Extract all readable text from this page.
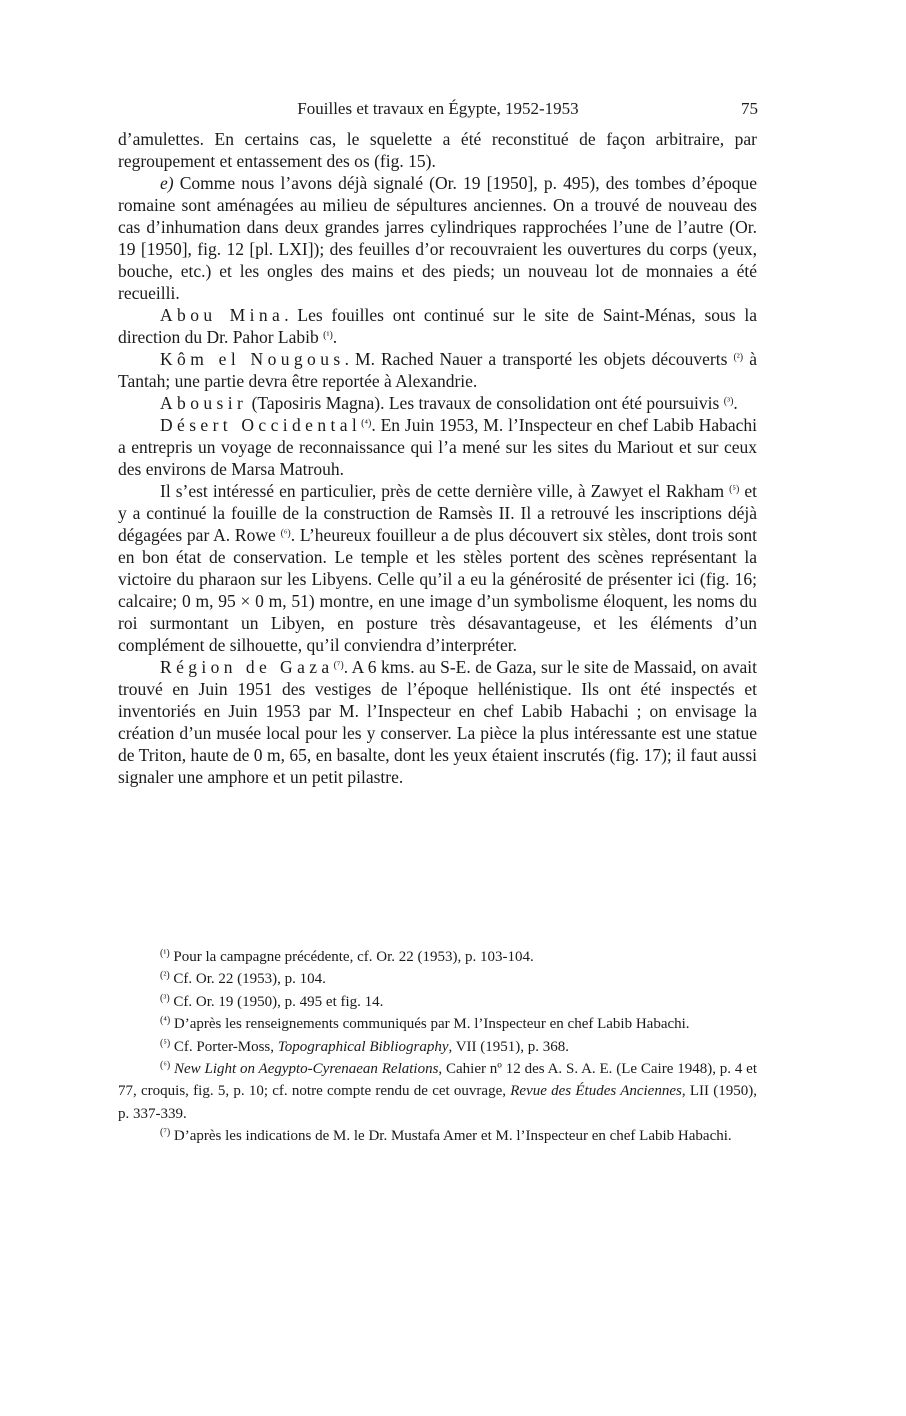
Fouilles et travaux en Égypte, 1952-1953	75

d’amulettes. En certains cas, le squelette a été reconstitué de façon arbitraire, par regroupement et entassement des os (fig. 15).

e) Comme nous l’avons déjà signalé (Or. 19 [1950], p. 495), des tombes d’époque romaine sont aménagées au milieu de sépultures anciennes. On a trouvé de nouveau des cas d’inhumation dans deux grandes jarres cylindriques rapprochées l’une de l’autre (Or. 19 [1950], fig. 12 [pl. LXI]); des feuilles d’or recouvraient les ouvertures du corps (yeux, bouche, etc.) et les ongles des mains et des pieds; un nouveau lot de monnaies a été recueilli.

Abou Mina. Les fouilles ont continué sur le site de Saint-Ménas, sous la direction du Dr. Pahor Labib $^{(^1)}$.

Kôm el Nougous. M. Rached Nauer a transporté les objets découverts $^{(^2)}$ à Tantah; une partie devra être reportée à Alexandrie.

Abousir (Taposiris Magna). Les travaux de consolidation ont été poursuivis $^{(^3)}$.

Désert Occidental$^{(^4)}$. En Juin 1953, M. l’Inspecteur en chef Labib Habachi a entrepris un voyage de reconnaissance qui l’a mené sur les sites du Mariout et sur ceux des environs de Marsa Matrouh.

Il s’est intéressé en particulier, près de cette dernière ville, à Zawyet el Rakham $^{(^5)}$ et y a continué la fouille de la construction de Ramsès II. Il a retrouvé les inscriptions déjà dégagées par A. Rowe $^{(^6)}$. L’heureux fouilleur a de plus découvert six stèles, dont trois sont en bon état de conservation. Le temple et les stèles portent des scènes représentant la victoire du pharaon sur les Libyens. Celle qu’il a eu la générosité de présenter ici (fig. 16; calcaire; 0 m, 95 × 0 m, 51) montre, en une image d’un symbolisme éloquent, les noms du roi surmontant un Libyen, en posture très désavantageuse, et les éléments d’un complément de silhouette, qu’il conviendra d’interpréter.

Région de Gaza$^{(^7)}$. A 6 kms. au S-E. de Gaza, sur le site de Massaid, on avait trouvé en Juin 1951 des vestiges de l’époque hellénistique. Ils ont été inspectés et inventoriés en Juin 1953 par M. l’Inspecteur en chef Labib Habachi ; on envisage la création d’un musée local pour les y conserver. La pièce la plus intéressante est une statue de Triton, haute de 0 m, 65, en basalte, dont les yeux étaient inscrutés (fig. 17); il faut aussi signaler une amphore et un petit pilastre.

$^{(^1)}$ Pour la campagne précédente, cf. Or. 22 (1953), p. 103-104.

$^{(^2)}$ Cf. Or. 22 (1953), p. 104.

$^{(^3)}$ Cf. Or. 19 (1950), p. 495 et fig. 14.

$^{(^4)}$ D’après les renseignements communiqués par M. l’Inspecteur en chef Labib Habachi.

$^{(^5)}$ Cf. Porter-Moss, Topographical Bibliography, VII (1951), p. 368.

$^{(^6)}$ New Light on Aegypto-Cyrenaean Relations, Cahier nº 12 des A. S. A. E. (Le Caire 1948), p. 4 et 77, croquis, fig. 5, p. 10; cf. notre compte rendu de cet ouvrage, Revue des Études Anciennes, LII (1950), p. 337-339.

$^{(^7)}$ D’après les indications de M. le Dr. Mustafa Amer et M. l’Inspecteur en chef Labib Habachi.
